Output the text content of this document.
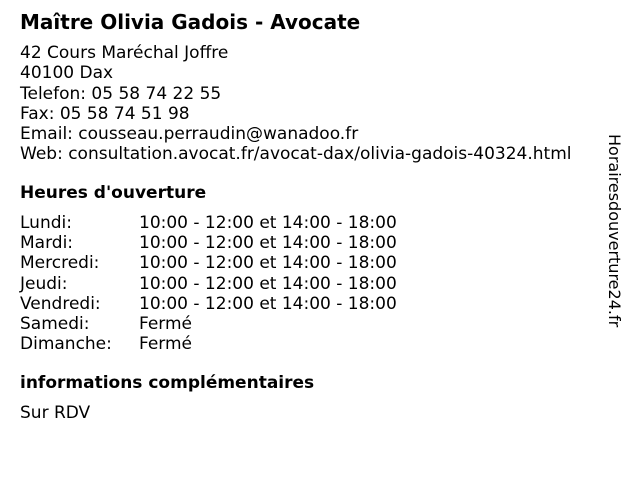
Maître Olivia Gadois - Avocate
42 Cours Maréchal Joffre
40100 Dax
Telefon: 05 58 74 22 55
Fax: 05 58 74 51 98
Email: cousseau.perraudin@wanadoo.fr
Web: consultation.avocat.fr/avocat-dax/olivia-gadois-40324.html
Heures d'ouverture
Lundi:	10:00 - 12:00 et 14:00 - 18:00
Mardi:	10:00 - 12:00 et 14:00 - 18:00
Mercredi:	10:00 - 12:00 et 14:00 - 18:00
Jeudi:	10:00 - 12:00 et 14:00 - 18:00
Vendredi:	10:00 - 12:00 et 14:00 - 18:00
Samedi:	Fermé
Dimanche:	Fermé
informations complémentaires
Sur RDV
Horairesdouverture24.fr
